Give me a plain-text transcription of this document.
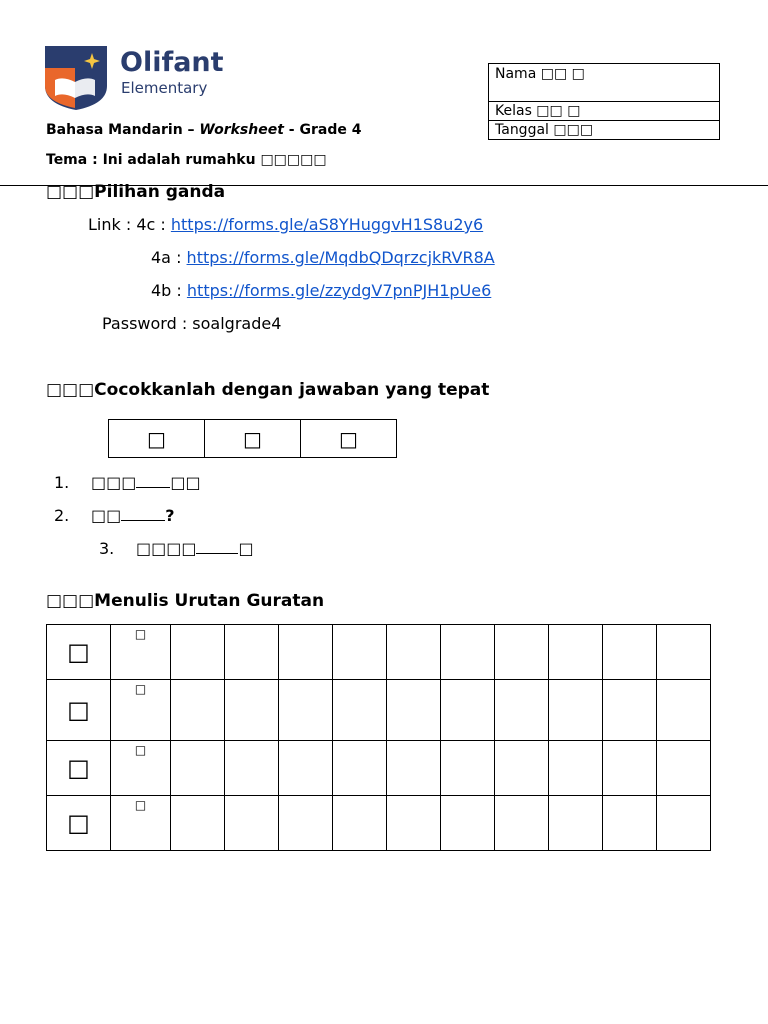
Olifant
Elementary
Nama □□ □
Kelas □□ □
Tanggal □□□
Bahasa Mandarin – Worksheet - Grade 4
Tema : Ini adalah rumahku □□□□□
□□□Pilihan ganda
Link : 4c : https://forms.gle/aS8YHuggvH1S8u2y6
4a : https://forms.gle/MqdbQDqrzcjkRVR8A
4b : https://forms.gle/zzydgV7pnPJH1pUe6
Password : soalgrade4
□□□Cocokkanlah dengan jawaban yang tepat
□	□	□
1. □□□ □□
2. □□	?
3. □□□□	□
□□□Menulis Urutan Guratan
□	□										
□	□										
□	□										
□	□										
